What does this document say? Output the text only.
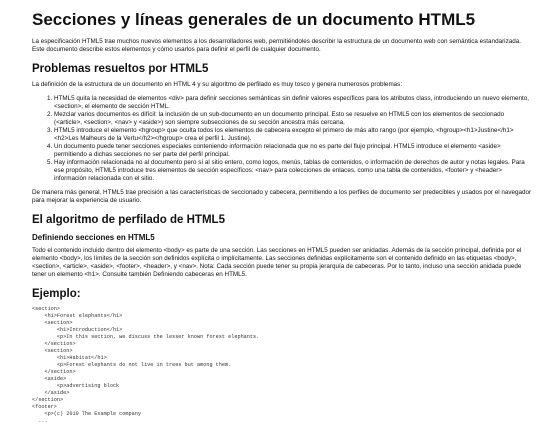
Secciones y líneas generales de un documento HTML5

La especificación HTML5 trae muchos nuevos elementos a los desarrolladores web, permitiéndoles describir la estructura de un documento web con semántica estandarizada. Este documento describe estos elementos y cómo usarlos para definir el perfil de cualquier documento.

Problemas resueltos por HTML5

La definición de la estructura de un documento en HTML 4 y su algoritmo de perfilado es muy tosco y genera numerosos problemas:

1. HTML5 quita la necesidad de elementos <div> para definir secciones semánticas sin definir valores específicos para los atributos class, introduciendo un nuevo elemento, <section>, el elemento de sección HTML.
2. Mezclar varios documentos es difícil: la inclusión de un sub-documento en un documento principal. Esto se resuelve en HTML5 con los elementos de seccionado (<article>, <section>, <nav> y <aside>) son siempre subsecciones de su sección ancestra más cercana.
3. HTML5 introduce el elemento <hgroup> que oculta todos los elementos de cabecera excepto el primero de más alto rango (por ejemplo, <hgroup><h1>Justine</h1><h2>Les Malheurs de la Vertu</h2></hgroup> crea el perfil 1. Justine).
4. Un documento puede tener secciones especiales conteniendo información relacionada que no es parte del flujo principal. HTML5 introduce el elemento <aside> permitiendo a dichas secciones no ser parte del perfil principal.
5. Hay información relacionada no al documento pero sí al sitio entero, como logos, menús, tablas de contenidos, o información de derechos de autor y notas legales. Para ese propósito, HTML5 introduce tres elementos de sección específicos: <nav> para colecciones de enlaces, como una tabla de contenidos, <footer> y <header> información relacionada con el sitio.

De manera más general, HTML5 trae precisión a las características de seccionado y cabecera, permitiendo a los perfiles de documento ser predecibles y usados por el navegador para mejorar la experiencia de usuario.

El algoritmo de perfilado de HTML5
Definiendo secciones en HTML5

Todo el contenido incluido dentro del elemento <body> es parte de una sección. Las secciones en HTML5 pueden ser anidadas. Además de la sección principal, definida por el elemento <body>, los límites de la sección son definidos explícita o implícitamente. Las secciones definidas explícitamente son el contenido definido en las etiquetas <body>, <section>, <article>, <aside>, <footer>, <header>, y <nav>. Nota: Cada sección puede tener su propia jerarquía de cabeceras. Por lo tanto, incluso una sección anidada puede tener un elemento <h1>. Consulte también Definiendo cabeceras en HTML5.

Ejemplo:
<section>
<h1>Forest elephants</h1>
<section>
<h1>Introduction</h1>
<p>In this section, we discuss the lesser known forest elephants.
</section>
<section>
<h1>Habitat</h1>
<p>Forest elephants do not live in trees but among them.
</section>
<aside>
<p>advertising block
</aside>
</section>
<footer>
<p>(c) 2010 The Example company
...
